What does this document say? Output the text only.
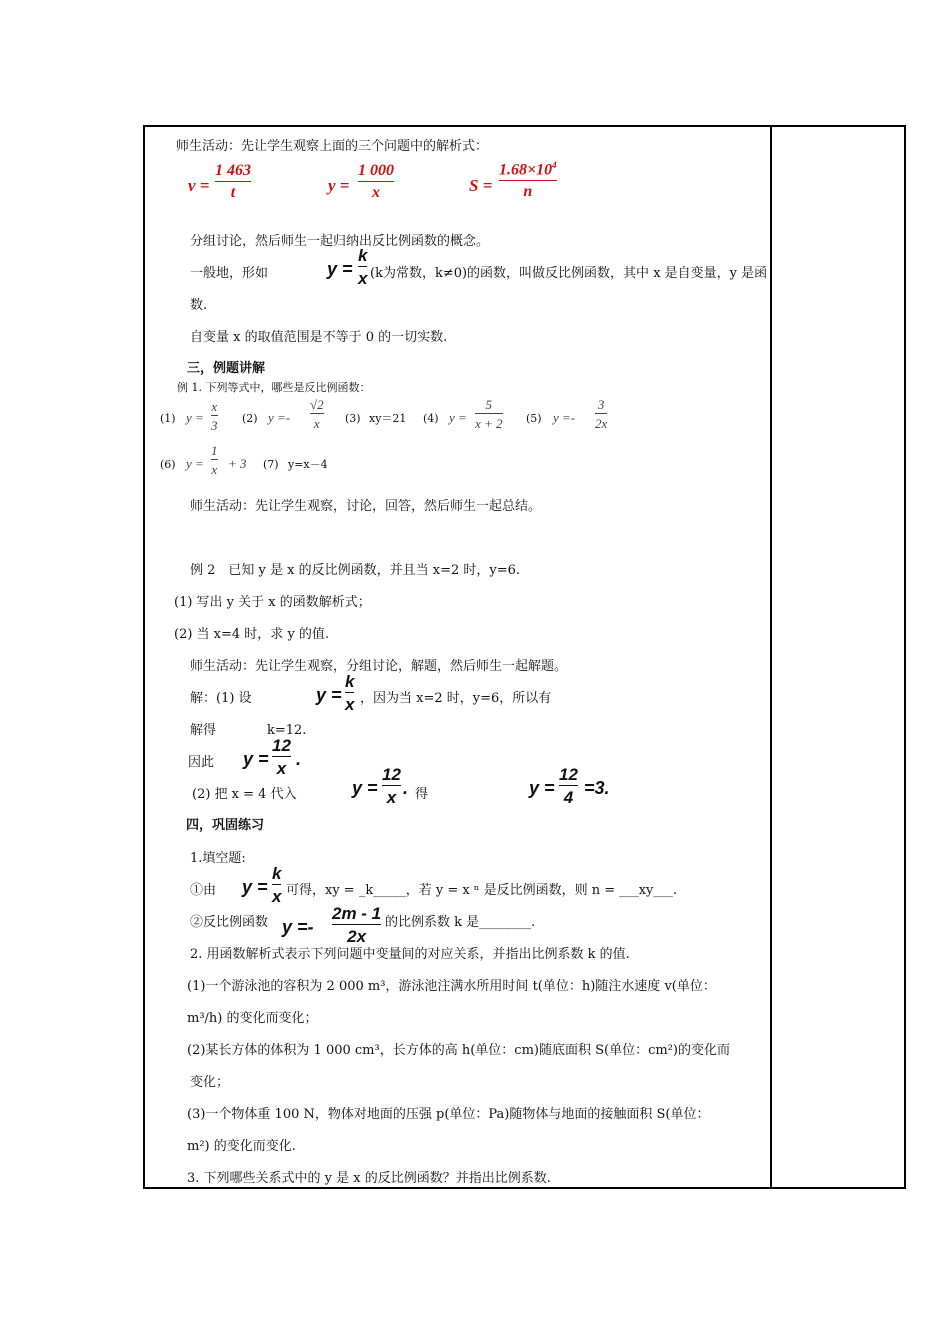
师生活动：先让学生观察上面的三个问题中的解析式：
v =
1 463
t	y =
1 000
x	S =
$1.68\times 10^4$
n
分组讨论，然后师生一起归纳出反比例函数的概念。
一般地，形如	y =
k
x (k为常数，k≠0)的函数，叫做反比例函数，其中 x 是自变量，y 是函
数.
自变量 x 的取值范围是不等于 0 的一切实数.
三，例题讲解
例 1. 下列等式中，哪些是反比例函数：
(1) y =
x
3 (2) y =-
√2
x (3) xy＝21 (4) y =
5
x + 2 (5) y =-
3
2x
(6) y =
1
x + 3 (7) y=x－4
师生活动：先让学生观察，讨论，回答，然后师生一起总结。
例 2　已知 y 是 x 的反比例函数，并且当 x=2 时，y=6.
(1) 写出 y 关于 x 的函数解析式；
(2) 当 x=4 时，求 y 的值.
师生活动：先让学生观察，分组讨论，解题，然后师生一起解题。
解：(1) 设	y =
k
x ，因为当 x=2 时，y=6，所以有
解得	k=12.
因此 y =
12
x .
(2) 把 x = 4 代入	y =
12
x . 得	y =
12
4 =3.
四，巩固练习
1.填空题:
①由 y =
k
x 可得，xy = _k_____，若 y = x ⁿ 是反比例函数，则 n = ___xy___.
②反比例函数 y =-
2m - 1
2x
的比例系数 k 是________.
2. 用函数解析式表示下列问题中变量间的对应关系，并指出比例系数 k 的值.
(1)一个游泳池的容积为 2 000 m³，游泳池注满水所用时间 t(单位：h)随注水速度 v(单位：
m³/h) 的变化而变化；
(2)某长方体的体积为 1 000 cm³，长方体的高 h(单位：cm)随底面积 S(单位：cm²)的变化而
变化；
(3)一个物体重 100 N，物体对地面的压强 p(单位：Pa)随物体与地面的接触面积 S(单位：
m²) 的变化而变化.
3. 下列哪些关系式中的 y 是 x 的反比例函数？并指出比例系数.
